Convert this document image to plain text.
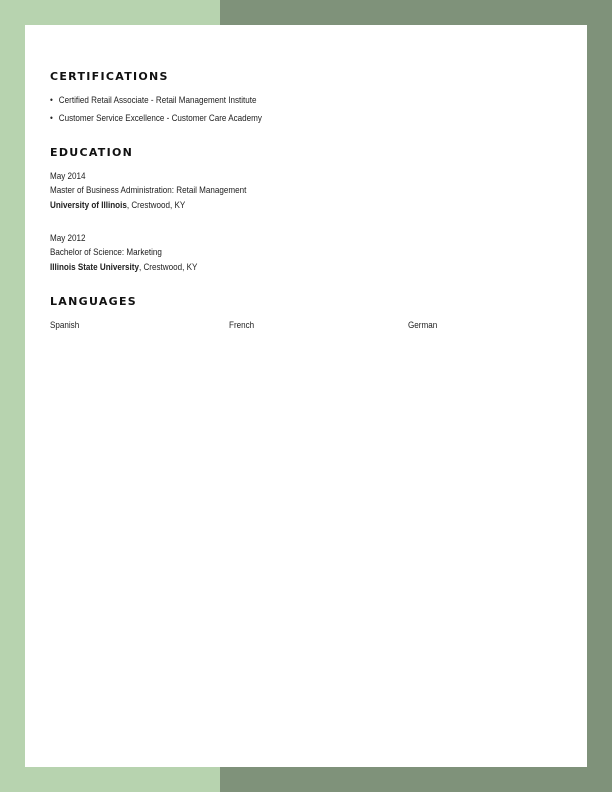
CERTIFICATIONS
• Certified Retail Associate - Retail Management Institute
• Customer Service Excellence - Customer Care Academy
EDUCATION
May 2014
Master of Business Administration: Retail Management
University of Illinois, Crestwood, KY
May 2012
Bachelor of Science: Marketing
Illinois State University, Crestwood, KY
LANGUAGES
Spanish	French	German
